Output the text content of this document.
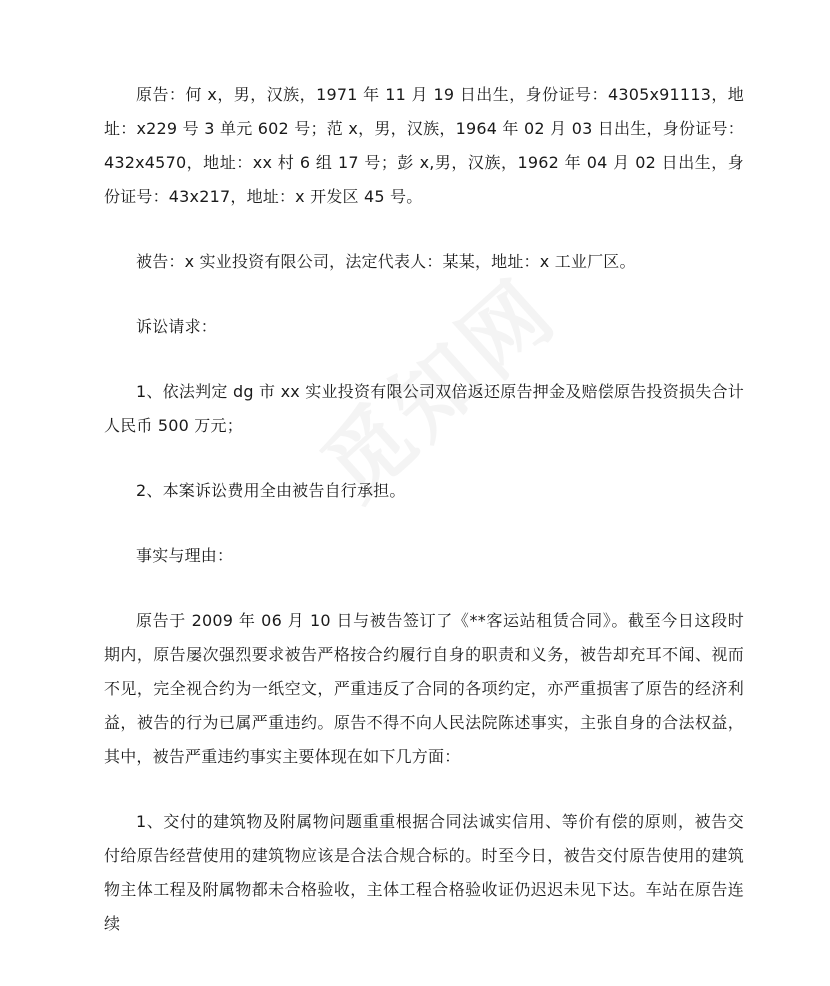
原告：何 x，男，汉族，1971 年 11 月 19 日出生，身份证号：4305x91113，地址：x229 号 3 单元 602 号；范 x，男，汉族，1964 年 02 月 03 日出生，身份证号：432x4570，地址：xx 村 6 组 17 号；彭 x,男，汉族，1962 年 04 月 02 日出生，身份证号：43x217，地址：x 开发区 45 号。

被告：x 实业投资有限公司，法定代表人：某某，地址：x 工业厂区。

诉讼请求：

1、依法判定 dg 市 xx 实业投资有限公司双倍返还原告押金及赔偿原告投资损失合计人民币 500 万元；

2、本案诉讼费用全由被告自行承担。

事实与理由：

原告于 2009 年 06 月 10 日与被告签订了《**客运站租赁合同》。截至今日这段时期内，原告屡次强烈要求被告严格按合约履行自身的职责和义务，被告却充耳不闻、视而不见，完全视合约为一纸空文，严重违反了合同的各项约定，亦严重损害了原告的经济利益，被告的行为已属严重违约。原告不得不向人民法院陈述事实，主张自身的合法权益，其中，被告严重违约事实主要体现在如下几方面：

1、交付的建筑物及附属物问题重重根据合同法诚实信用、等价有偿的原则，被告交付给原告经营使用的建筑物应该是合法合规合标的。时至今日，被告交付原告使用的建筑物主体工程及附属物都未合格验收，主体工程合格验收证仍迟迟未见下达。车站在原告连续
